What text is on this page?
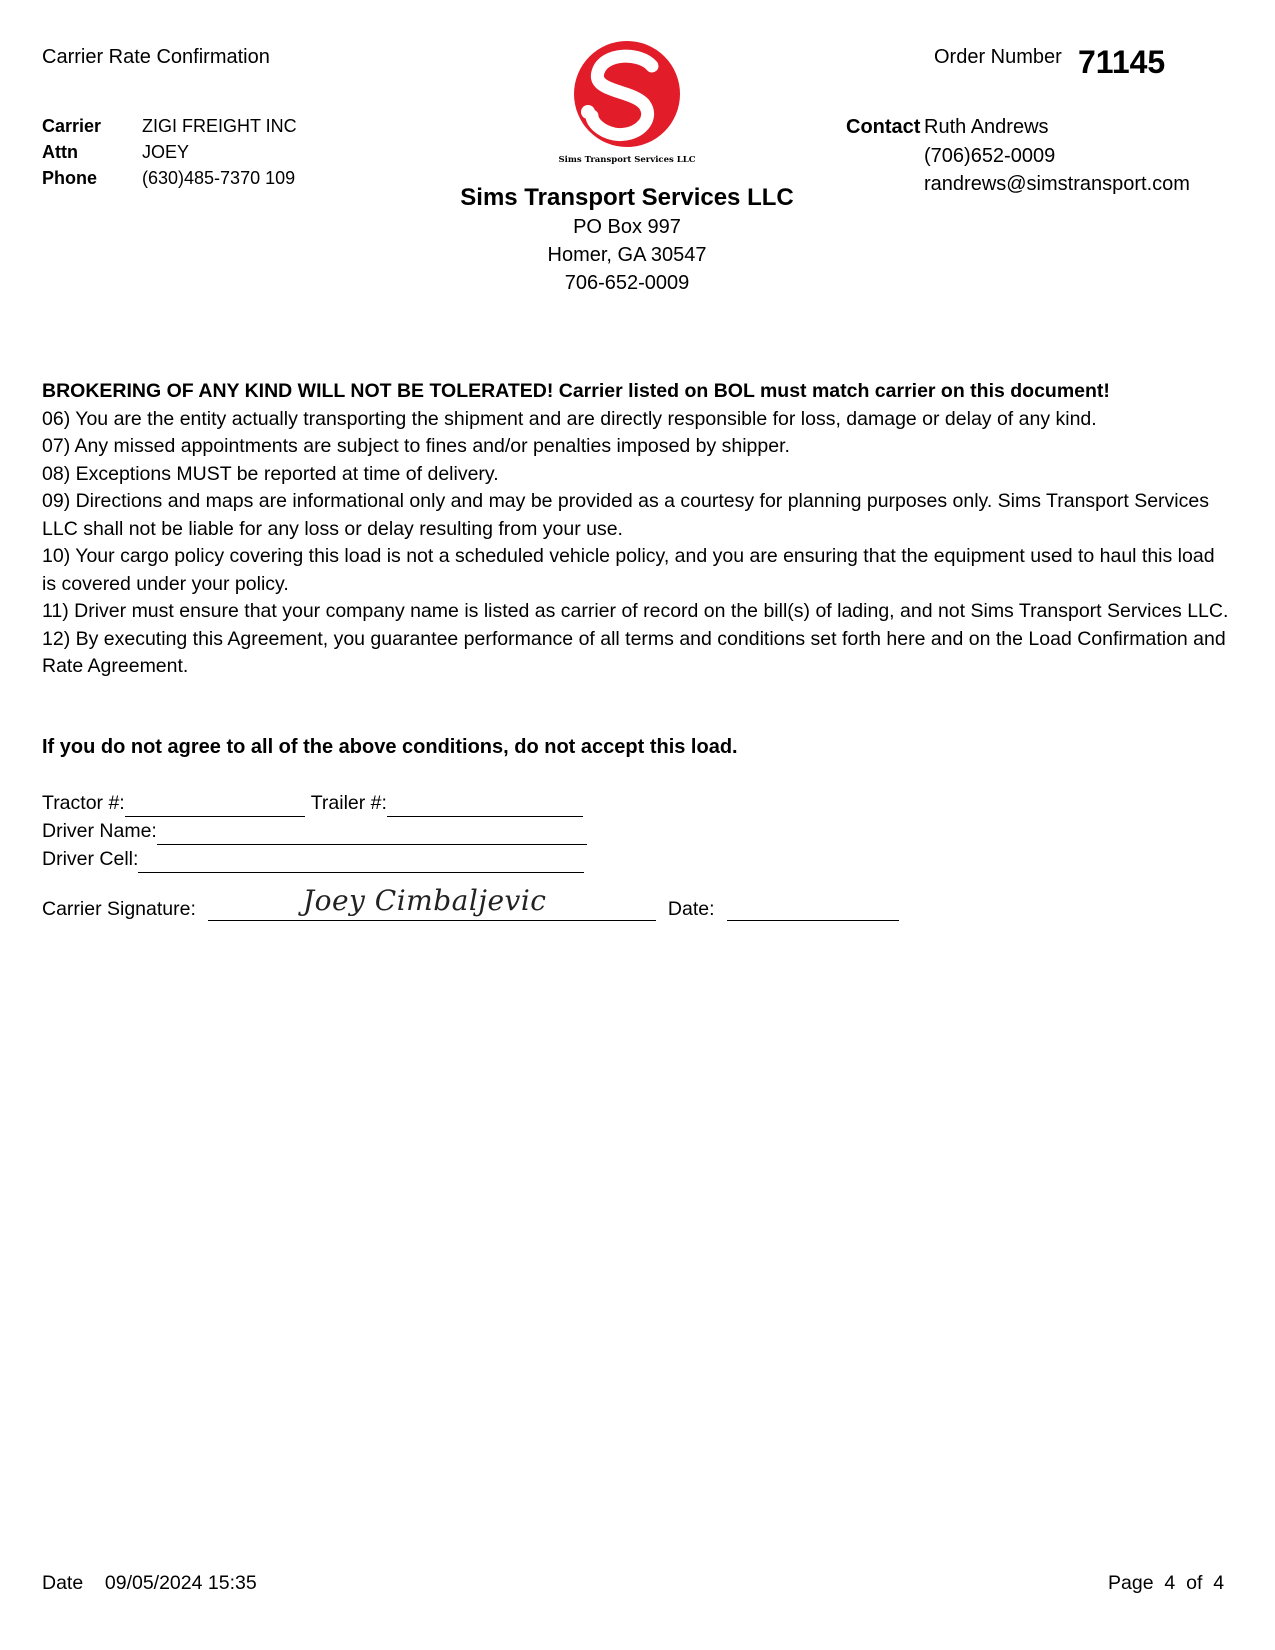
Carrier Rate Confirmation	Order Number 71145
Carrier	ZIGI FREIGHT INC
Attn	JOEY
Phone	(630)485-7370 109
Sims Transport Services LLC
Sims Transport Services LLC
PO Box 997
Homer, GA 30547
706-652-0009
Contact Ruth Andrews
(706)652-0009
randrews@simstransport.com

BROKERING OF ANY KIND WILL NOT BE TOLERATED! Carrier listed on BOL must match carrier on this document!

06) You are the entity actually transporting the shipment and are directly responsible for loss, damage or delay of any kind.

07) Any missed appointments are subject to fines and/or penalties imposed by shipper.

08) Exceptions MUST be reported at time of delivery.

09) Directions and maps are informational only and may be provided as a courtesy for planning purposes only. Sims Transport Services LLC shall not be liable for any loss or delay resulting from your use.

10) Your cargo policy covering this load is not a scheduled vehicle policy, and you are ensuring that the equipment used to haul this load is covered under your policy.

11) Driver must ensure that your company name is listed as carrier of record on the bill(s) of lading, and not Sims Transport Services LLC.

12) By executing this Agreement, you guarantee performance of all terms and conditions set forth here and on the Load Confirmation and Rate Agreement.

If you do not agree to all of the above conditions, do not accept this load.
Tractor #:	Trailer #:
Driver Name:
Driver Cell:
Carrier Signature:	Joey Cimbaljevic	Date:
Date 09/05/2024 15:35	Page 4 of 4
